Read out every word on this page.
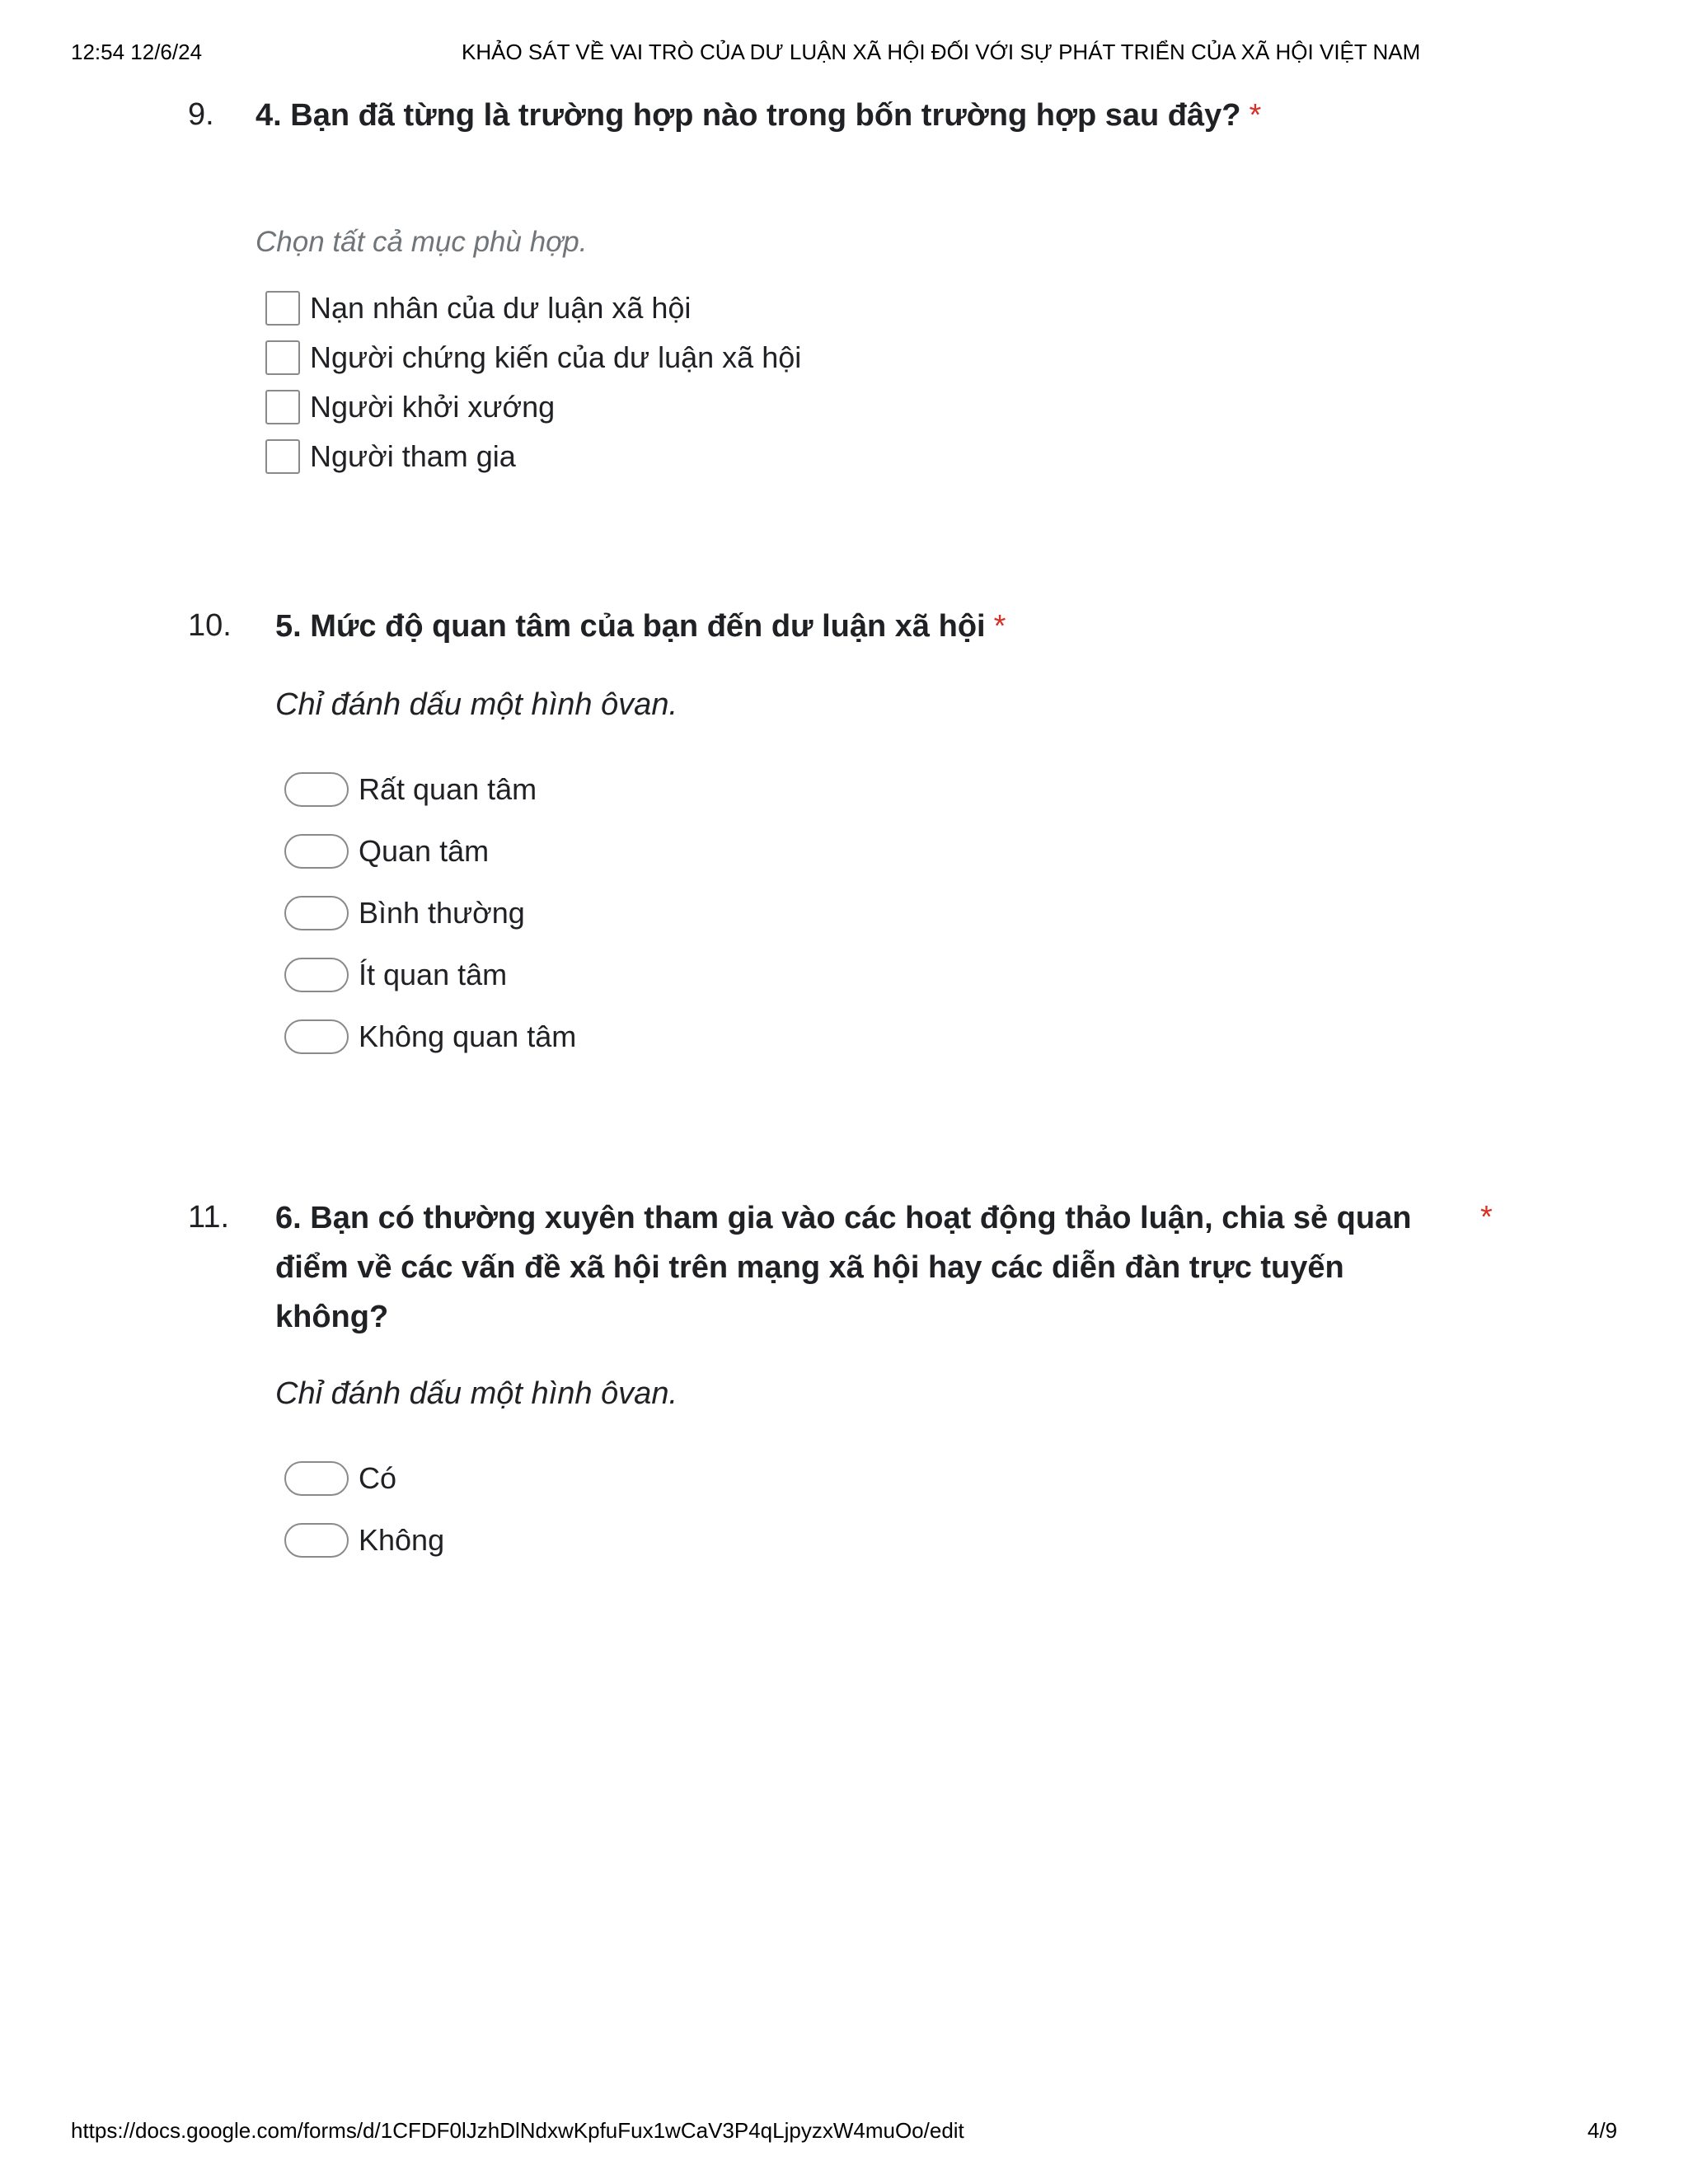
12:54 12/6/24	KHẢO SÁT VỀ VAI TRÒ CỦA DƯ LUẬN XÃ HỘI ĐỐI VỚI SỰ PHÁT TRIỂN CỦA XÃ HỘI VIỆT NAM
9. 4. Bạn đã từng là trường hợp nào trong bốn trường hợp sau đây? *
Chọn tất cả mục phù hợp.
Nạn nhân của dư luận xã hội
Người chứng kiến của dư luận xã hội
Người khởi xướng
Người tham gia
10. 5. Mức độ quan tâm của bạn đến dư luận xã hội *
Chỉ đánh dấu một hình ôvan.
Rất quan tâm
Quan tâm
Bình thường
Ít quan tâm
Không quan tâm
11. 6. Bạn có thường xuyên tham gia vào các hoạt động thảo luận, chia sẻ quan
điểm về các vấn đề xã hội trên mạng xã hội hay các diễn đàn trực tuyến
không?
*
Chỉ đánh dấu một hình ôvan.
Có
Không
https://docs.google.com/forms/d/1CFDF0lJzhDlNdxwKpfuFux1wCaV3P4qLjpyzxW4muOo/edit	4/9
